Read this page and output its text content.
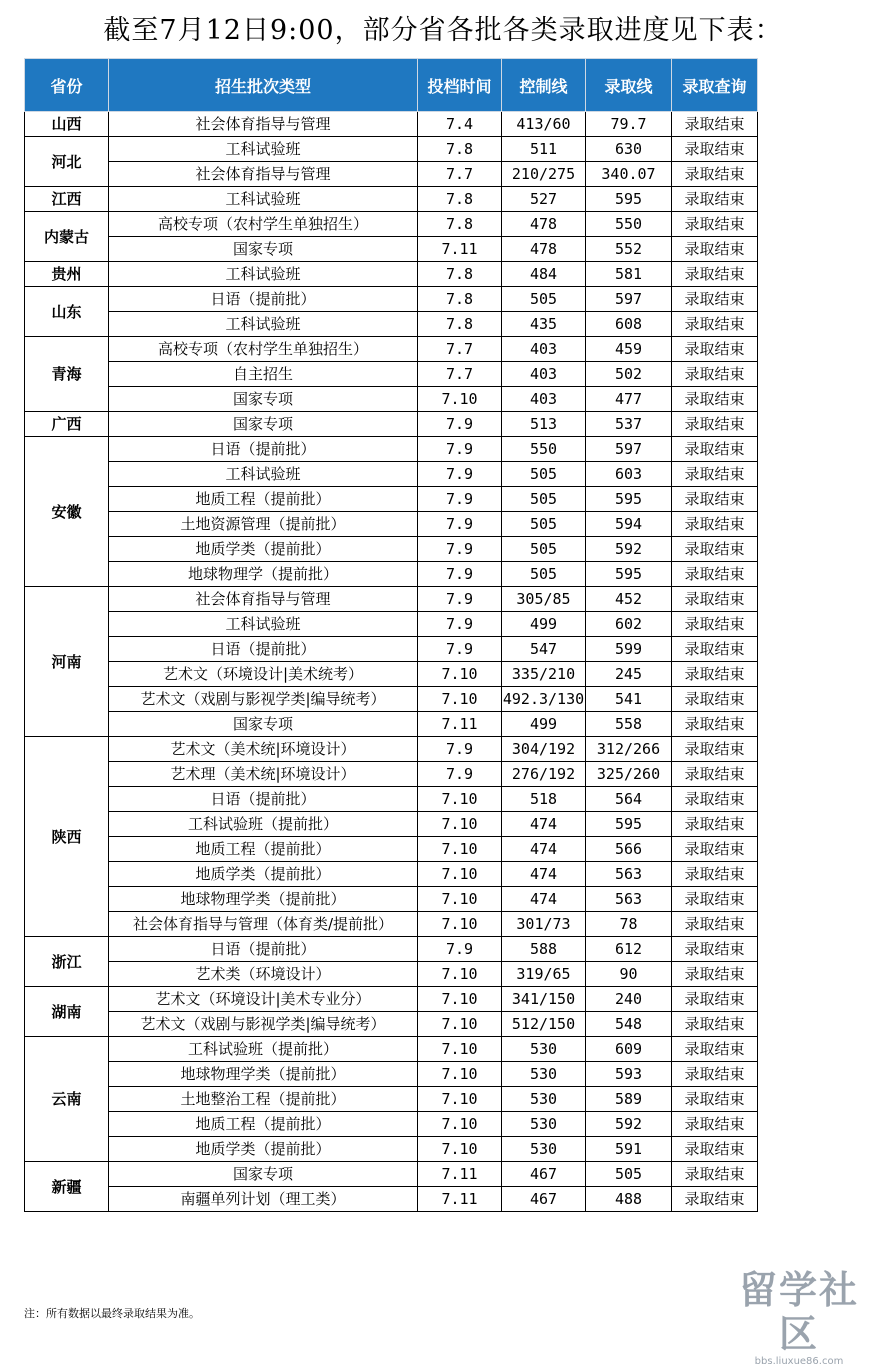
截至7月12日9:00，部分省各批各类录取进度见下表：
省份	招生批次类型	投档时间	控制线	录取线	录取查询
山西	社会体育指导与管理	7.4	413/60	79.7	录取结束
河北	工科试验班	7.8	511	630	录取结束
	社会体育指导与管理	7.7	210/275	340.07	录取结束
江西	工科试验班	7.8	527	595	录取结束
内蒙古	高校专项（农村学生单独招生）	7.8	478	550	录取结束
	国家专项	7.11	478	552	录取结束
贵州	工科试验班	7.8	484	581	录取结束
山东	日语（提前批）	7.8	505	597	录取结束
	工科试验班	7.8	435	608	录取结束
青海	高校专项（农村学生单独招生）	7.7	403	459	录取结束
	自主招生	7.7	403	502	录取结束
	国家专项	7.10	403	477	录取结束
广西	国家专项	7.9	513	537	录取结束
安徽	日语（提前批）	7.9	550	597	录取结束
	工科试验班	7.9	505	603	录取结束
	地质工程（提前批）	7.9	505	595	录取结束
	土地资源管理（提前批）	7.9	505	594	录取结束
	地质学类（提前批）	7.9	505	592	录取结束
	地球物理学（提前批）	7.9	505	595	录取结束
河南	社会体育指导与管理	7.9	305/85	452	录取结束
	工科试验班	7.9	499	602	录取结束
	日语（提前批）	7.9	547	599	录取结束
	艺术文（环境设计|美术统考）	7.10	335/210	245	录取结束
	艺术文（戏剧与影视学类|编导统考）	7.10	492.3/130	541	录取结束
	国家专项	7.11	499	558	录取结束
陕西	艺术文（美术统|环境设计）	7.9	304/192	312/266	录取结束
	艺术理（美术统|环境设计）	7.9	276/192	325/260	录取结束
	日语（提前批）	7.10	518	564	录取结束
	工科试验班（提前批）	7.10	474	595	录取结束
	地质工程（提前批）	7.10	474	566	录取结束
	地质学类（提前批）	7.10	474	563	录取结束
	地球物理学类（提前批）	7.10	474	563	录取结束
	社会体育指导与管理（体育类/提前批）	7.10	301/73	78	录取结束
浙江	日语（提前批）	7.9	588	612	录取结束
	艺术类（环境设计）	7.10	319/65	90	录取结束
湖南	艺术文（环境设计|美术专业分）	7.10	341/150	240	录取结束
	艺术文（戏剧与影视学类|编导统考）	7.10	512/150	548	录取结束
云南	工科试验班（提前批）	7.10	530	609	录取结束
	地球物理学类（提前批）	7.10	530	593	录取结束
	土地整治工程（提前批）	7.10	530	589	录取结束
	地质工程（提前批）	7.10	530	592	录取结束
	地质学类（提前批）	7.10	530	591	录取结束
新疆	国家专项	7.11	467	505	录取结束
	南疆单列计划（理工类）	7.11	467	488	录取结束
注：所有数据以最终录取结果为准。
留学社区
bbs.liuxue86.com
